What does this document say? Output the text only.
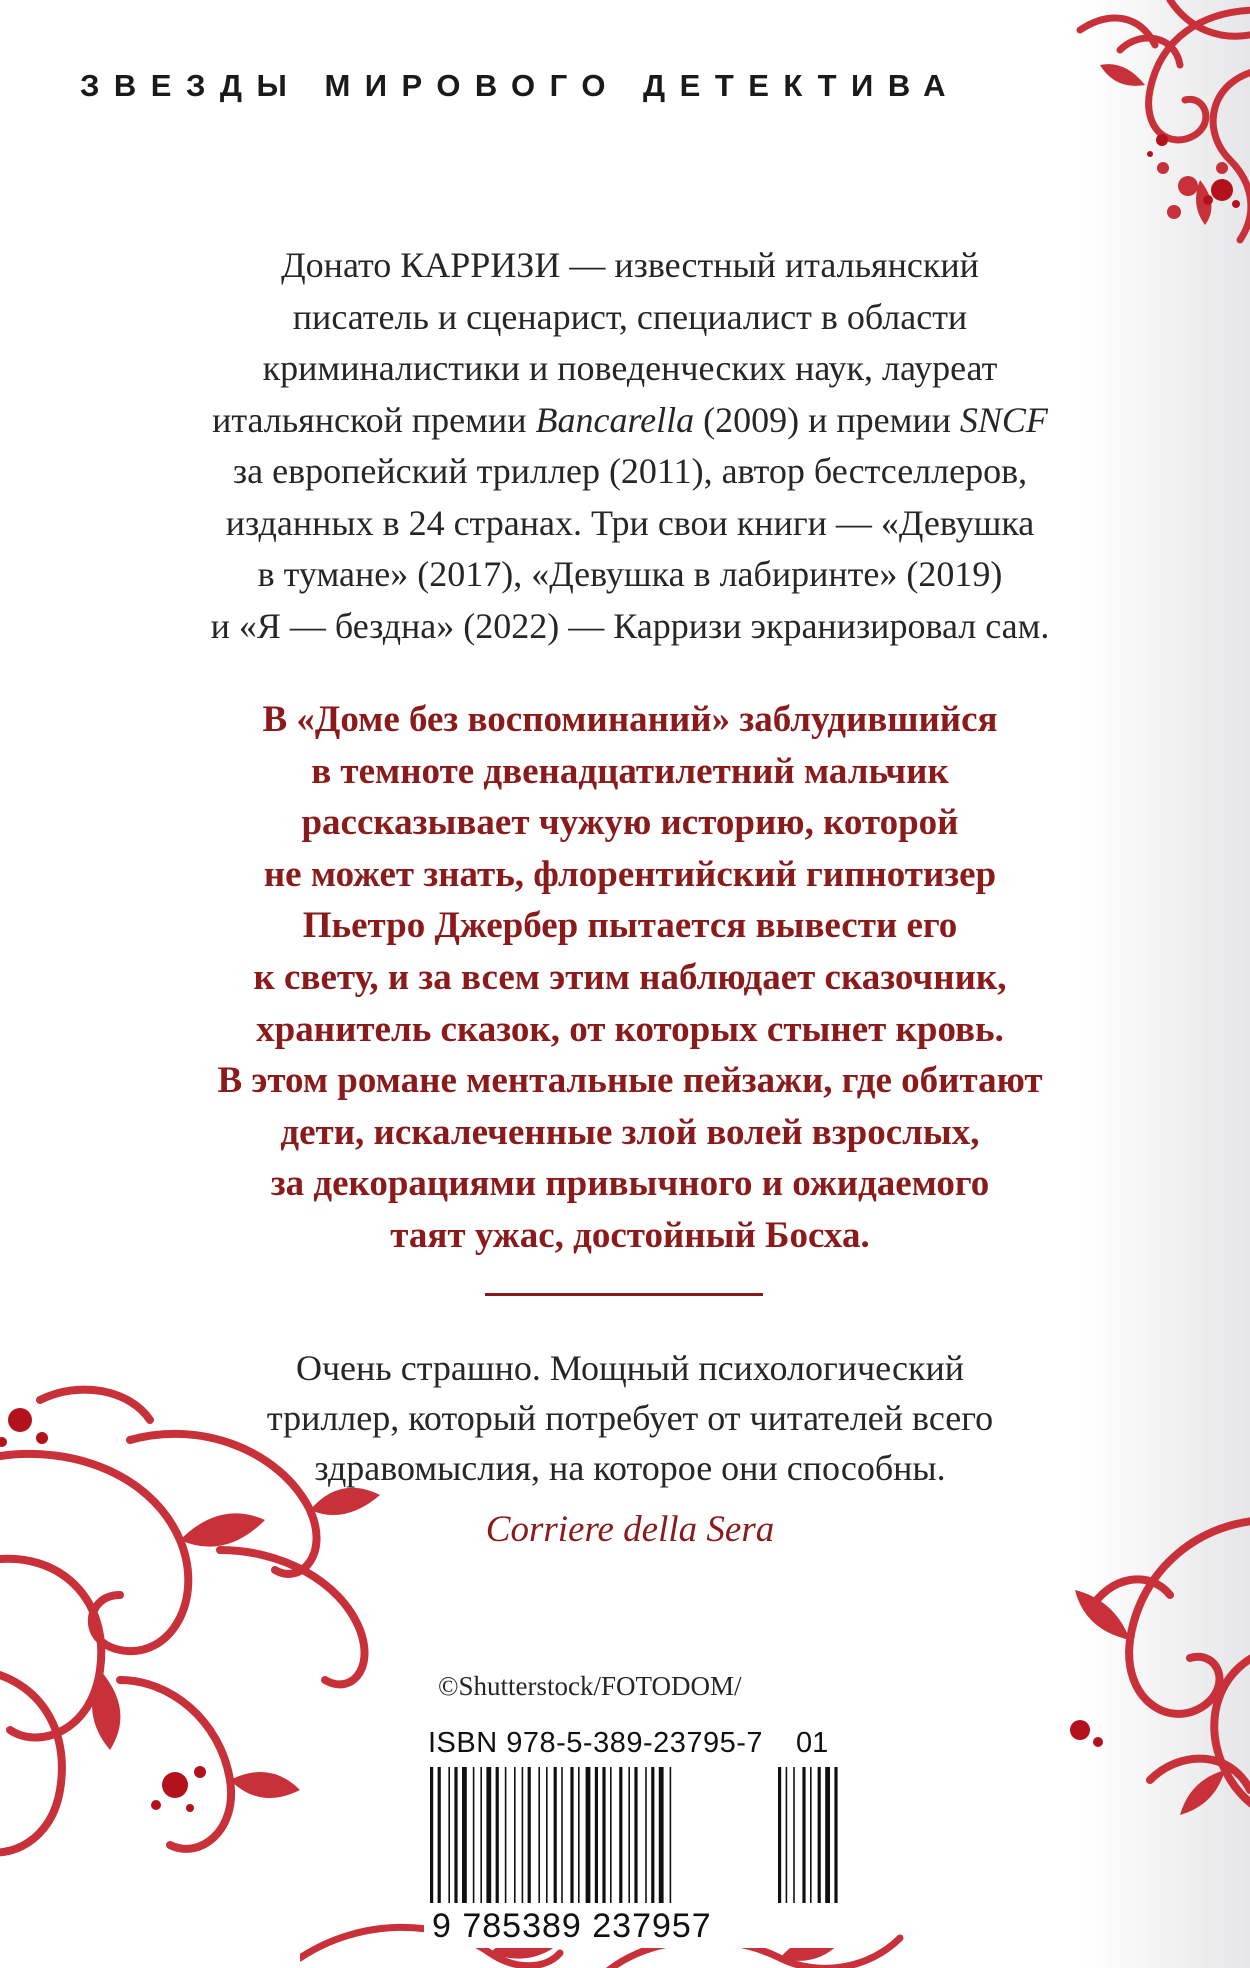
ЗВЕЗДЫ МИРОВОГО ДЕТЕКТИВА
Донато КАРРИЗИ — известный итальянский
писатель и сценарист, специалист в области
криминалистики и поведенческих наук, лауреат
итальянской премии Bancarella (2009) и премии SNCF
за европейский триллер (2011), автор бестселлеров,
изданных в 24 странах. Три свои книги — «Девушка
в тумане» (2017), «Девушка в лабиринте» (2019)
и «Я — бездна» (2022) — Карризи экранизировал сам.
В «Доме без воспоминаний» заблудившийся
в темноте двенадцатилетний мальчик
рассказывает чужую историю, которой
не может знать, флорентийский гипнотизер
Пьетро Джербер пытается вывести его
к свету, и за всем этим наблюдает сказочник,
хранитель сказок, от которых стынет кровь.
В этом романе ментальные пейзажи, где обитают
дети, искалеченные злой волей взрослых,
за декорациями привычного и ожидаемого
таят ужас, достойный Босха.
Очень страшно. Мощный психологический
триллер, который потребует от читателей всего
здравомыслия, на которое они способны.
Corriere della Sera
©Shutterstock/FOTODOM/
ISBN 978-5-389-23795-7 01
9 785389 237957
